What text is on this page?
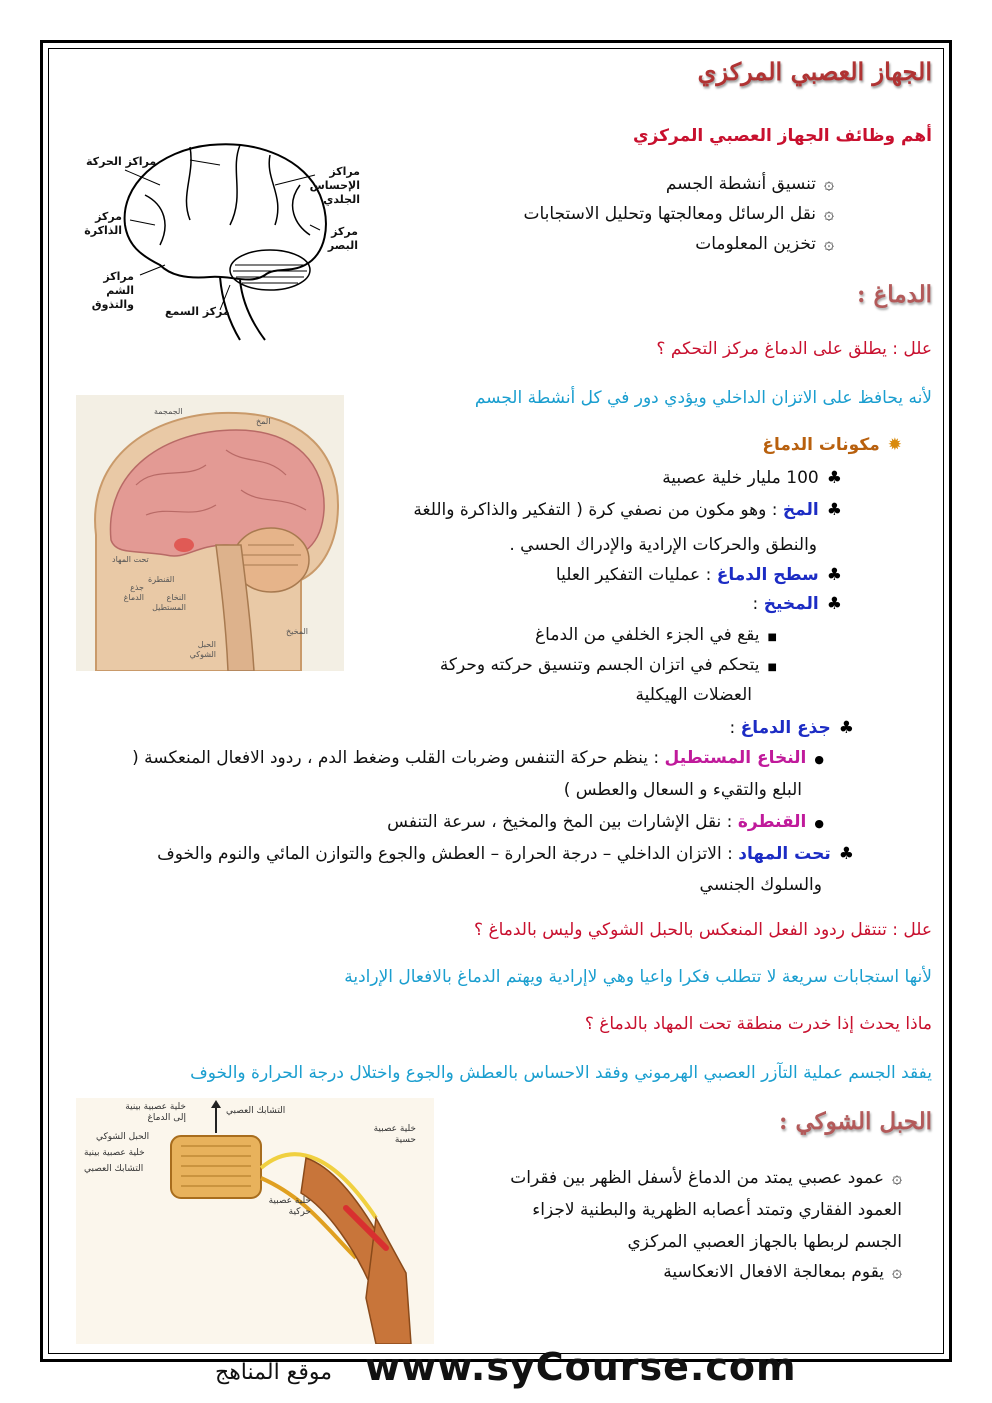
الجهاز العصبي المركزي
أهم وظائف الجهاز العصبي المركزي
۞تنسيق أنشطة الجسم
۞نقل الرسائل ومعالجتها وتحليل الاستجابات
۞تخزين المعلومات
مراكز الحركة
مراكز الإحساس الجلدي
مركز الذاكرة	مركز البصر
مراكز الشم والتذوق
مركز السمع
الدماغ :
علل : يطلق على الدماغ مركز التحكم ؟
لأنه يحافظ على الاتزان الداخلي ويؤدي دور في كل أنشطة الجسم
الجمجمة
المخ
تحت المهاد
جذع الدماغ
القنطرة
النخاع المستطيل
المخيخ
الحبل الشوكي
✹مكونات الدماغ
♣100 مليار خلية عصبية
♣المخ : وهو مكون من نصفي كرة ( التفكير والذاكرة واللغة
والنطق والحركات الإرادية والإدراك الحسي .
♣سطح الدماغ : عمليات التفكير العليا
♣المخيخ :
■يقع في الجزء الخلفي من الدماغ
■يتحكم في اتزان الجسم وتنسيق حركته وحركة
العضلات الهيكلية
♣جذع الدماغ :
●النخاع المستطيل : ينظم حركة التنفس وضربات القلب وضغط الدم ، ردود الافعال المنعكسة (
البلع والتقيء و السعال والعطس )
●القنطرة : نقل الإشارات بين المخ والمخيخ ، سرعة التنفس
♣تحت المهاد : الاتزان الداخلي – درجة الحرارة – العطش والجوع والتوازن المائي والنوم والخوف
والسلوك الجنسي
علل : تنتقل ردود الفعل المنعكس بالحبل الشوكي وليس بالدماغ ؟
لأنها استجابات سريعة لا تتطلب فكرا واعيا وهي لاإرادية ويهتم الدماغ بالافعال الإرادية
ماذا يحدث إذا خدرت منطقة تحت المهاد بالدماغ ؟
يفقد الجسم عملية التآزر العصبي الهرموني وفقد الاحساس بالعطش والجوع واختلال درجة الحرارة والخوف
خلية عصبية بينية إلى الدماغ
التشابك العصبي
الحبل الشوكي
خلية عصبية بينية
التشابك العصبي
خلية عصبية حسية
خلية عصبية حركية
الحبل الشوكي :
۞عمود عصبي يمتد من الدماغ لأسفل الظهر بين فقرات
العمود الفقاري وتمتد أعصابه الظهرية والبطنية لاجزاء
الجسم لربطها بالجهاز العصبي المركزي
۞يقوم بمعالجة الافعال الانعكاسية
www.syCourse.com
موقع المناهج
